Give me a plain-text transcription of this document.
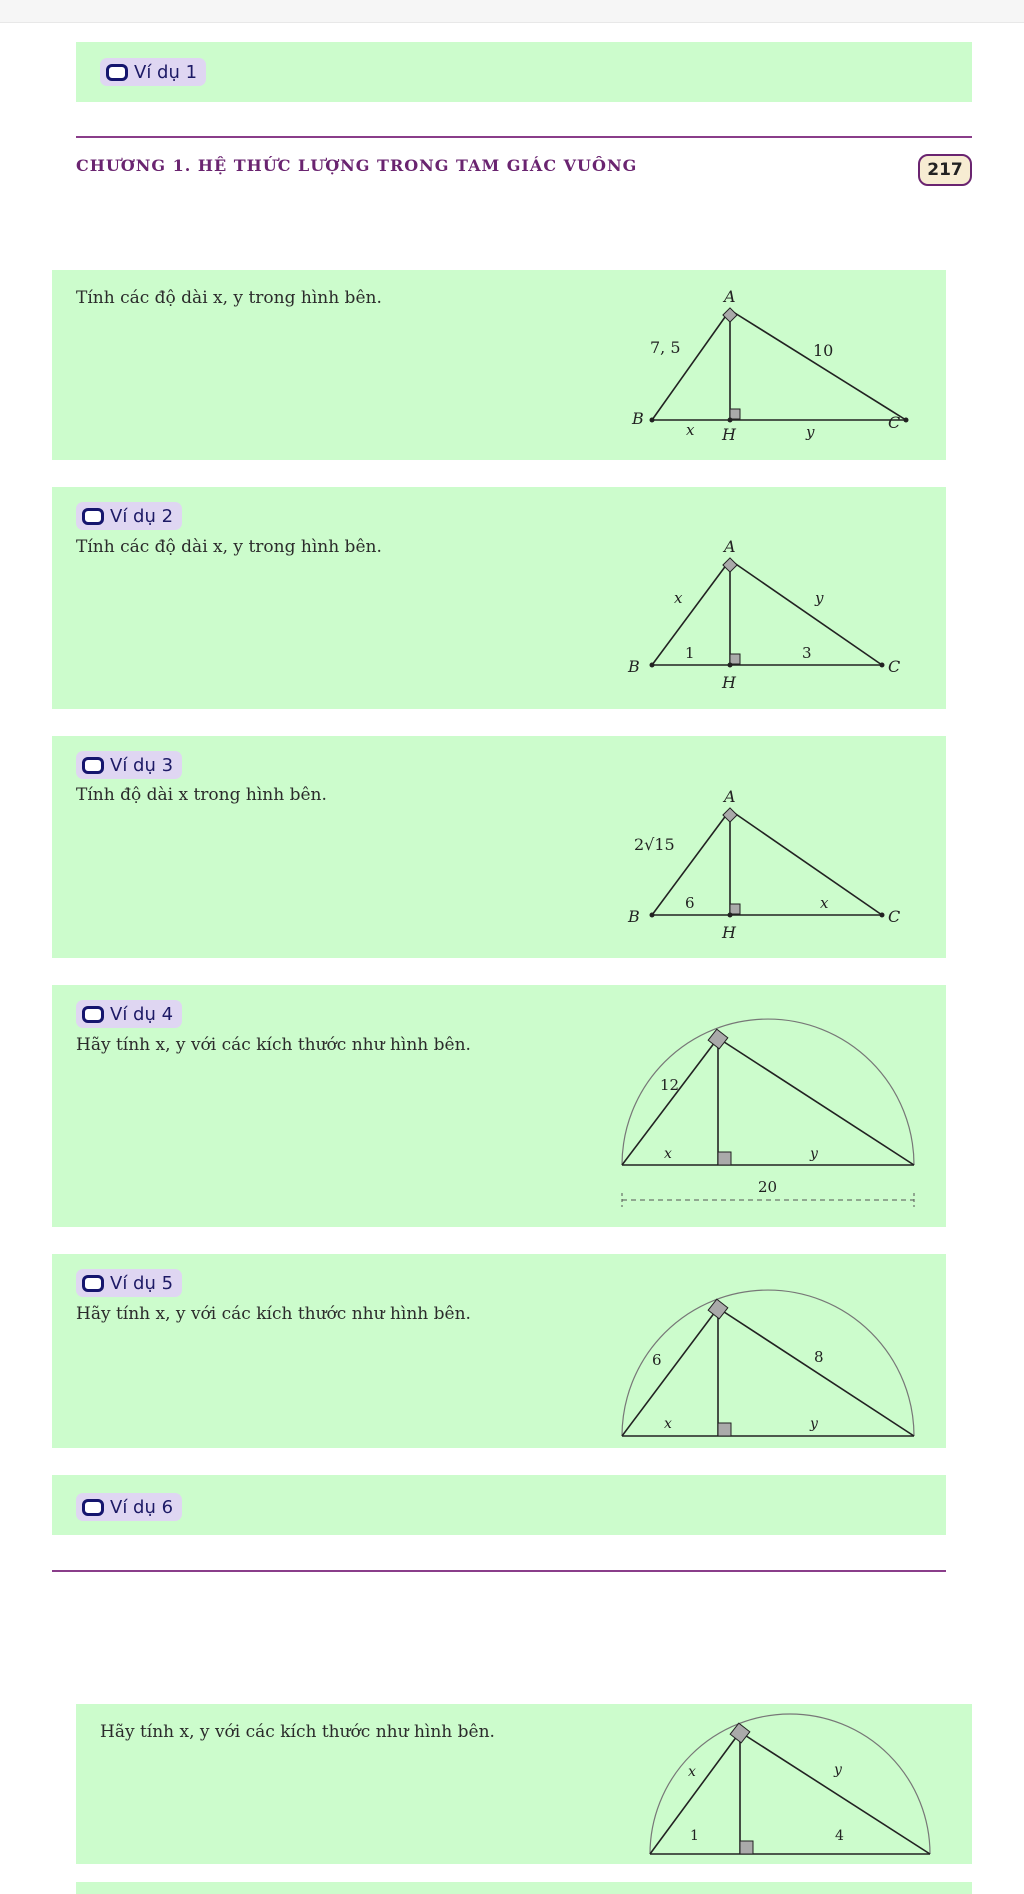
Ví dụ 1
CHƯƠNG 1. HỆ THỨC LƯỢNG TRONG TAM GIÁC VUÔNG	217
Tính các độ dài x, y trong hình bên.	A
B	C
H
7, 5	10
x	y
Ví dụ 2
Tính các độ dài x, y trong hình bên.	A
B	C
H
x	y
1	3
Ví dụ 3
Tính độ dài x trong hình bên.	A
B	C
H
2√15
6	x
Ví dụ 4
Hãy tính x, y với các kích thước như hình bên.
12
x	y
20
Ví dụ 5
Hãy tính x, y với các kích thước như hình bên.
6	8
x	y
Ví dụ 6
Hãy tính x, y với các kích thước như hình bên.
x	y
1	4
